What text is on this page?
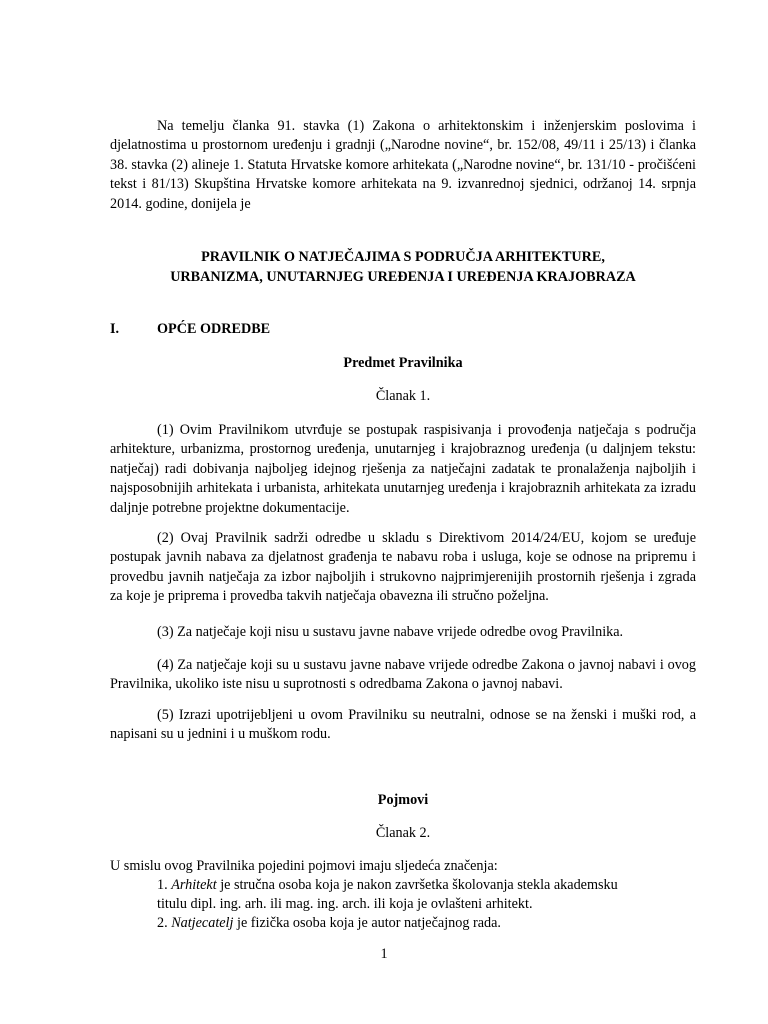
Na temelju članka 91. stavka (1) Zakona o arhitektonskim i inženjerskim poslovima i djelatnostima u prostornom uređenju i gradnji („Narodne novine“, br. 152/08, 49/11 i 25/13) i članka 38. stavka (2) alineje 1. Statuta Hrvatske komore arhitekata („Narodne novine“, br. 131/10 - pročišćeni tekst i 81/13) Skupština Hrvatske komore arhitekata na 9. izvanrednoj sjednici, održanoj 14. srpnja 2014. godine, donijela je

PRAVILNIK O NATJEČAJIMA S PODRUČJA ARHITEKTURE,

URBANIZMA, UNUTARNJEG UREĐENJA I UREĐENJA KRAJOBRAZA

I.	OPĆE ODREDBE

Predmet Pravilnika

Članak 1.

(1) Ovim Pravilnikom utvrđuje se postupak raspisivanja i provođenja natječaja s područja arhitekture, urbanizma, prostornog uređenja, unutarnjeg i krajobraznog uređenja (u daljnjem tekstu: natječaj) radi dobivanja najboljeg idejnog rješenja za natječajni zadatak te pronalaženja najboljih i najsposobnijih arhitekata i urbanista, arhitekata unutarnjeg uređenja i krajobraznih arhitekata za izradu daljnje potrebne projektne dokumentacije.

(2) Ovaj Pravilnik sadrži odredbe u skladu s Direktivom 2014/24/EU, kojom se uređuje postupak javnih nabava za djelatnost građenja te nabavu roba i usluga, koje se odnose na pripremu i provedbu javnih natječaja za izbor najboljih i strukovno najprimjerenijih prostornih rješenja i zgrada za koje je priprema i provedba takvih natječaja obavezna ili stručno poželjna.

(3) Za natječaje koji nisu u sustavu javne nabave vrijede odredbe ovog Pravilnika.

(4) Za natječaje koji su u sustavu javne nabave vrijede odredbe Zakona o javnoj nabavi i ovog Pravilnika, ukoliko iste nisu u suprotnosti s odredbama Zakona o javnoj nabavi.

(5) Izrazi upotrijebljeni u ovom Pravilniku su neutralni, odnose se na ženski i muški rod, a napisani su u jednini i u muškom rodu.

Pojmovi

Članak 2.

U smislu ovog Pravilnika pojedini pojmovi imaju sljedeća značenja:

1. Arhitekt je stručna osoba koja je nakon završetka školovanja stekla akademsku

titulu dipl. ing. arh. ili mag. ing. arch. ili koja je ovlašteni arhitekt.

2. Natjecatelj je fizička osoba koja je autor natječajnog rada.

1
